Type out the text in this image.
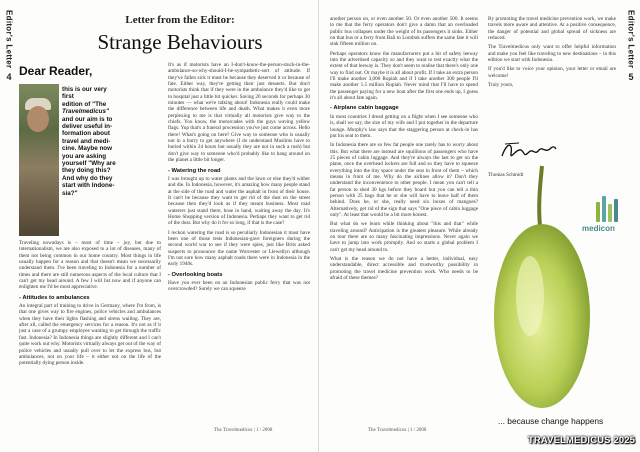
Editor's Letter
4
Letter from the Editor:
Strange Behaviours
Dear Reader,
this is our very first
edition of "The
Travelmedicus"
and our aim is to
deliver useful in-
formation about
travel and medi-
cine. Maybe now
you are asking
yourself "Why are
they doing this?
And why do they
start with Indone-
sia?"

Traveling nowadays is – most of time – joy, but due to internationalism, we are also exposed to a lot of diseases, many of them not being common in our home country. Most things in life usually happen for a reason and that doesn't mean we necessarily understand them. I've been traveling to Indonesia for a number of times and there are still numerous aspects of the local culture that I can't get my head around. A few I will list now and if anyone can enlighten me I'd be most appreciative.

- Attitudes to ambulances

An integral part of training to drive in Germany, where I'm from, is that one gives way to fire engines, police vehicles and ambulances when they have their lights flashing and sirens wailing. They are, after all, called the emergency services for a reason. It's not as if it just a case of a grumpy employee wanting to get through the traffic fast. Indonesia? In Indonesia things are slightly different and I can't quite work out why. Motorists virtually always get out of the way of police vehicles and usually pull over to let the express bus, but ambulances, not on your life – it either not on the life of the potentially dying person inside.

It's as if motorists have an I-don't-know-the-person-stuck-in-the-ambulance-so-why-should-I-be-sympathetic-sort of attitude. If they've fallen sick it must be because they deserved it or because of fate. Either way, they're getting their just desserts. But don't motorists think that if they were in the ambulance they'd like to get to hospital just a little bit quicker. Saving 20 seconds for perhaps 30 minutes — what we're talking about! Indonesia really could make the difference between life and death. What makes it even more perplexing to me is that virtually all motorists give way to the chiefs. You know, the motorcades with the guys waving yellow flags. Yup that's a funeral procession you've just come across. Hello there! What's going on here? Give way to someone who is usually not in a hurry to get anywhere (I do understand Muslims have to buried within 24 hours but usually they are not in such a rush) but don't give way to someone who'd probably like to hang around on the planet a little bit longer.

- Watering the road

I was brought up to water plants and the lawn or else they'd wither and die. In Indonesia, however, it's amazing how many people stand at the side of the road and water the asphalt in front of their house. It can't be because they want to get rid of the dust on the street because then they'd look as if they meant business. Most road waterers just stand there, hose in hand, waiting away the day. It's Home Shopping version of Indonesia. Perhaps they want to get rid of the dust. But why do it for so long, if that is the case?

I reckon watering the road is so peculiarly Indonesian it must have been one of those tests Indonesian-gave foreigners during the second world war to see if they were spies, just like Brits asked suspects to pronounce the name Worcester or Llewellyn although I'm not sure how many asphalt roads there were in Indonesia in the early 1940s.

- Overlooking boats

Have you ever been on an Indonesian public ferry that was not overcrowded? Surely we can squeeze

The Travelmedicus | 1 / 2008
Editor's Letter
5

another person on, or even another 50. Or even another 500. It seems to me that the ferry operators don't give a damn that an overloaded public bus collapses under the weight of its passengers it sinks. Either on that bus or a ferry from Bali to Lombok suffers the same fate it will sink fifteen million on.

Perhaps operators know the manufacturers put a bit of safety leeway into the advertised capacity so and they want to test exactly what the extent of that leeway is. They don't seem to realise that there's only one way to find out. Or maybe it is all about profit. If I take an extra person I'll make another 3,000 Rupiah and if I take another 300 people I'll make another 1.5 million Rupiah. Never mind that I'll have to spend the passenger paying for a new boat after the first one ends up, I guess it's all about fate again.

- Airplane cabin baggage

In most countries I dread getting on a flight when I see someone who is, shall we say, the size of my wife and I put together in the departure lounge. Murphy's law says that the staggering person at check-in has put his seat to them.

In Indonesia there are so few fat people one rarely has to worry about this. But what there are instead are squillions of passengers who have 25 pieces of cabin luggage. And they're always the last to get on the plane, once the overhead lockers are full and so they have to squeeze everything into the tiny space under the seat in front of them – which means in front of me. Why do the airlines allow it? Don't they understand the inconvenience to other people. I mean you can't tell a fat person to shed 30 kgs before they board but you can tell a thin person with 25 bags that he or she will have to leave half of them behind. Does he, or she, really need six boxes of mangoes? Alternatively, get rid of the sign that says "One piece of cabin luggage only". At least that would be a bit more honest.

But what do we learn while thinking about "this and that" while traveling around? Anticipation is the greatest pleasure. While already on tour there are so many fascinating impressions. Never again we have to jump into work promptly. And so starts a global problem I can't get my head around to.

What is the reason we do not have a better, individual, easy understandable, direct accessible and trustworthy possibility in promoting the travel medicine prevention work. Who needs to be afraid of these themes?

By promoting the travel medicine prevention work, we make travels more aware and attentive. At a positive consequence, the danger of potential and global spread of sickness are reduced.

The Travelmedicus only want to offer helpful information and make you feel like traveling to new destinations – in this edition we start with Indonesia.

If you'd like to voice your opinion, your letter or email are welcome!

Truly yours,

Thomas Schmidt

The Travelmedicus | 1 / 2008
medicon
... because change happens
TRAVELMEDICUS 2025
